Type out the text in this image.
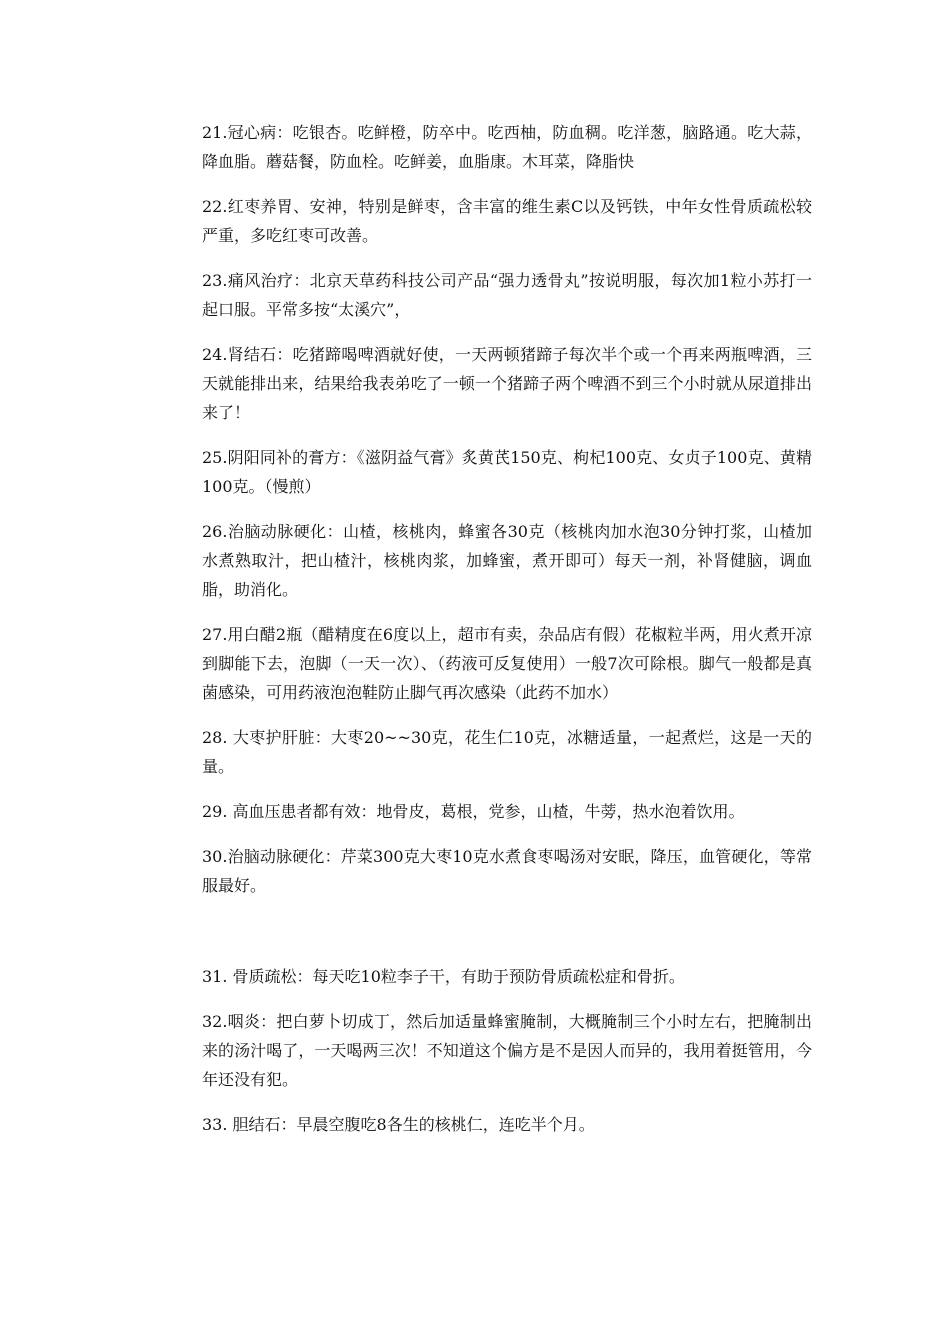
21.冠心病：吃银杏。吃鲜橙，防卒中。吃西柚，防血稠。吃洋葱，脑路通。吃大蒜，降血脂。蘑菇餐，防血栓。吃鲜姜，血脂康。木耳菜，降脂快

22.红枣养胃、安神，特别是鲜枣，含丰富的维生素C以及钙铁，中年女性骨质疏松较严重，多吃红枣可改善。

23.痛风治疗：北京天草药科技公司产品“强力透骨丸”按说明服，每次加1粒小苏打一起口服。平常多按“太溪穴”，

24.肾结石：吃猪蹄喝啤酒就好使，一天两顿猪蹄子每次半个或一个再来两瓶啤酒，三天就能排出来，结果给我表弟吃了一顿一个猪蹄子两个啤酒不到三个小时就从尿道排出来了！

25.阴阳同补的膏方：《滋阴益气膏》炙黄芪150克、枸杞100克、女贞子100克、黄精100克。（慢煎）

26.治脑动脉硬化：山楂，核桃肉，蜂蜜各30克（核桃肉加水泡30分钟打浆，山楂加水煮熟取汁，把山楂汁，核桃肉浆，加蜂蜜，煮开即可）每天一剂，补肾健脑，调血脂，助消化。

27.用白醋2瓶（醋精度在6度以上，超市有卖，杂品店有假）花椒粒半两，用火煮开凉到脚能下去，泡脚（一天一次）、（药液可反复使用）一般7次可除根。脚气一般都是真菌感染，可用药液泡泡鞋防止脚气再次感染（此药不加水）

28. 大枣护肝脏：大枣20~~30克，花生仁10克，冰糖适量，一起煮烂，这是一天的量。

29. 高血压患者都有效：地骨皮，葛根，党参，山楂，牛蒡，热水泡着饮用。

30.治脑动脉硬化：芹菜300克大枣10克水煮食枣喝汤对安眠，降压，血管硬化，等常服最好。

31. 骨质疏松：每天吃10粒李子干，有助于预防骨质疏松症和骨折。

32.咽炎：把白萝卜切成丁，然后加适量蜂蜜腌制，大概腌制三个小时左右，把腌制出来的汤汁喝了，一天喝两三次！不知道这个偏方是不是因人而异的，我用着挺管用，今年还没有犯。

33. 胆结石：早晨空腹吃8各生的核桃仁，连吃半个月。
